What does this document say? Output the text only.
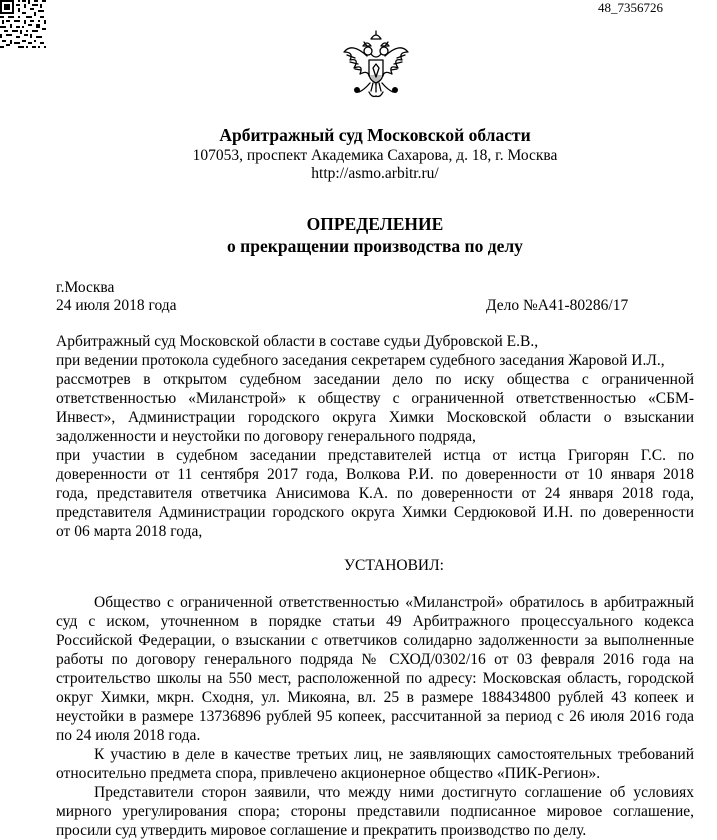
48_7356726
Арбитражный суд Московской области
107053, проспект Академика Сахарова, д. 18, г. Москва
http://asmo.arbitr.ru/
ОПРЕДЕЛЕНИЕ
о прекращении производства по делу
г.Москва
24 июля 2018 года	Дело №А41-80286/17
Арбитражный суд Московской области в составе судьи Дубровской Е.В.,
при ведении протокола судебного заседания секретарем судебного заседания Жаровой И.Л.,
рассмотрев в открытом судебном заседании дело по иску общества с ограниченной
ответственностью «Миланстрой» к обществу с ограниченной ответственностью «СБМ-
Инвест», Администрации городского округа Химки Московской области о взыскании
задолженности и неустойки по договору генерального подряда,
при участии в судебном заседании представителей истца от истца Григорян Г.С. по
доверенности от 11 сентября 2017 года, Волкова Р.И. по доверенности от 10 января 2018
года, представителя ответчика Анисимова К.А. по доверенности от 24 января 2018 года,
представителя Администрации городского округа Химки Сердюковой И.Н. по доверенности
от 06 марта 2018 года,
УСТАНОВИЛ:
Общество с ограниченной ответственностью «Миланстрой» обратилось в арбитражный
суд с иском, уточненном в порядке статьи 49 Арбитражного процессуального кодекса
Российской Федерации, о взыскании с ответчиков солидарно задолженности за выполненные
работы по договору генерального подряда № СХОД/0302/16 от 03 февраля 2016 года на
строительство школы на 550 мест, расположенной по адресу: Московская область, городской
округ Химки, мкрн. Сходня, ул. Микояна, вл. 25 в размере 188434800 рублей 43 копеек и
неустойки в размере 13736896 рублей 95 копеек, рассчитанной за период с 26 июля 2016 года
по 24 июля 2018 года.
К участию в деле в качестве третьих лиц, не заявляющих самостоятельных требований
относительно предмета спора, привлечено акционерное общество «ПИК-Регион».
Представители сторон заявили, что между ними достигнуто соглашение об условиях
мирного урегулирования спора; стороны представили подписанное мировое соглашение,
просили суд утвердить мировое соглашение и прекратить производство по делу.
